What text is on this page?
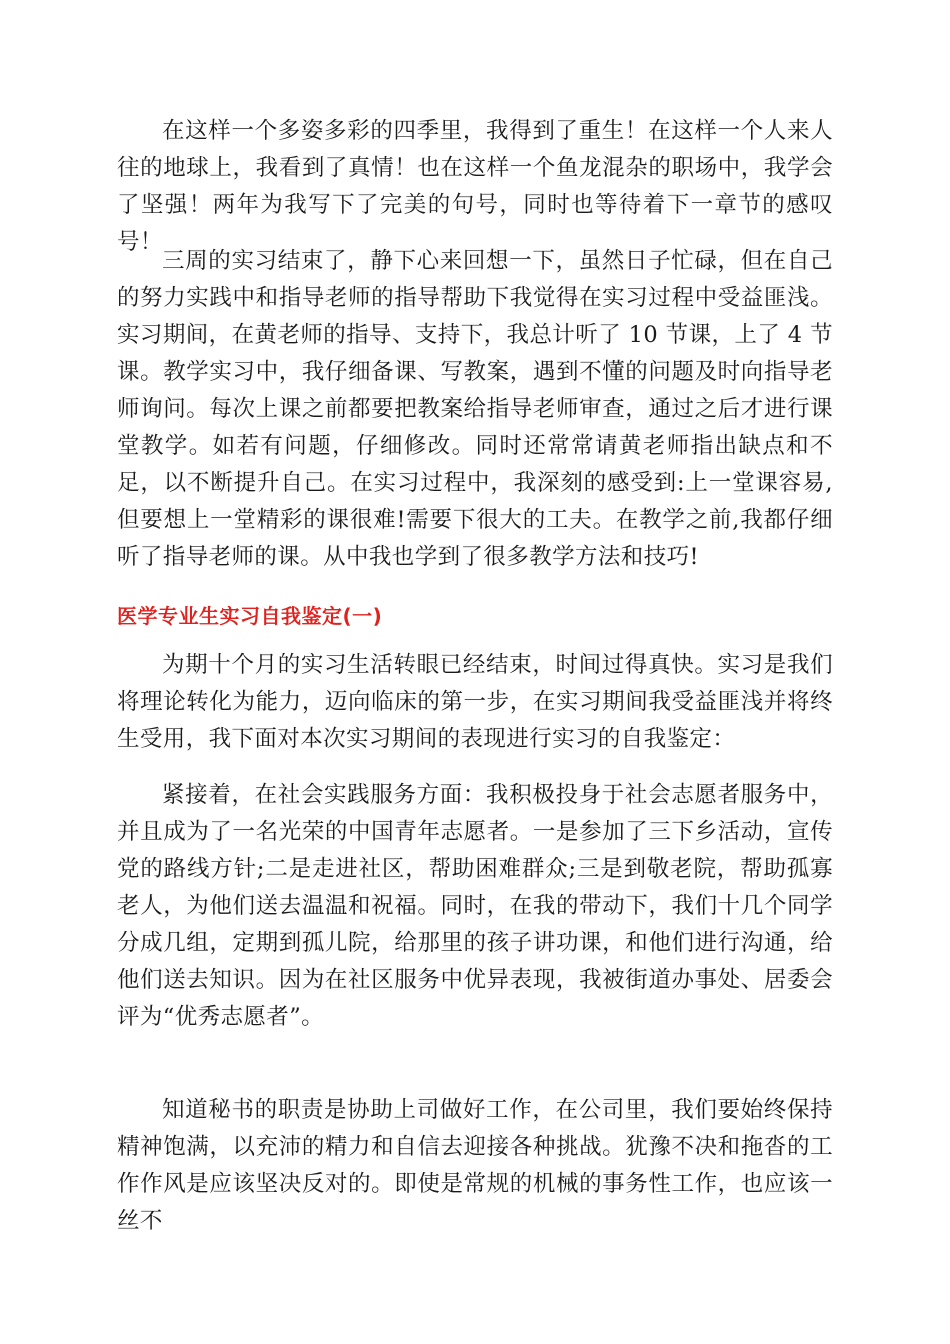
在这样一个多姿多彩的四季里，我得到了重生！在这样一个人来人往的地球上，我看到了真情！也在这样一个鱼龙混杂的职场中，我学会了坚强！两年为我写下了完美的句号，同时也等待着下一章节的感叹号！

三周的实习结束了，静下心来回想一下，虽然日子忙碌，但在自己的努力实践中和指导老师的指导帮助下我觉得在实习过程中受益匪浅。实习期间，在黄老师的指导、支持下，我总计听了 10 节课，上了 4 节课。教学实习中，我仔细备课、写教案，遇到不懂的问题及时向指导老师询问。每次上课之前都要把教案给指导老师审查，通过之后才进行课堂教学。如若有问题，仔细修改。同时还常常请黄老师指出缺点和不足，以不断提升自己。在实习过程中，我深刻的感受到:上一堂课容易,但要想上一堂精彩的课很难!需要下很大的工夫。在教学之前,我都仔细听了指导老师的课。从中我也学到了很多教学方法和技巧!

医学专业生实习自我鉴定(一)

为期十个月的实习生活转眼已经结束，时间过得真快。实习是我们将理论转化为能力，迈向临床的第一步，在实习期间我受益匪浅并将终生受用，我下面对本次实习期间的表现进行实习的自我鉴定：

紧接着，在社会实践服务方面：我积极投身于社会志愿者服务中，并且成为了一名光荣的中国青年志愿者。一是参加了三下乡活动，宣传党的路线方针;二是走进社区，帮助困难群众;三是到敬老院，帮助孤寡老人，为他们送去温温和祝福。同时，在我的带动下，我们十几个同学分成几组，定期到孤儿院，给那里的孩子讲功课，和他们进行沟通，给他们送去知识。因为在社区服务中优异表现，我被街道办事处、居委会评为“优秀志愿者”。

知道秘书的职责是协助上司做好工作，在公司里，我们要始终保持精神饱满，以充沛的精力和自信去迎接各种挑战。犹豫不决和拖沓的工作作风是应该坚决反对的。即使是常规的机械的事务性工作，也应该一丝不
